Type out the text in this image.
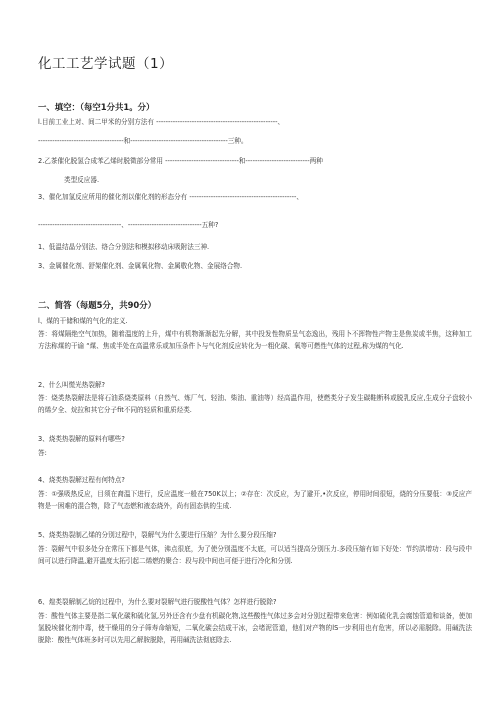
化工工艺学试题（1）
一、填空：（每空1分共1。分）
l.目前工业上对、间二甲米的分别方法有 ---------------------------------------------------、
------------------------------------和-----------------------------------------三种。
2.乙茶催化脱氢合成苯乙烯时脱徵部分常用 -------------------------------和---------------------------两种
类型反应器.
3、催化加氢反应所用的催化剂以催化剂的形态分有 ---------------------------------------------、
-----------------------------------、-------------------------------五种?
1、低温结晶分别法、络合分别法和模拟移动床吸附法三神.
3、金属催化剂、舒架催化剂、金属氧化物、金属敬化物、金展络合物.
二、简答（每题5分，共90分）
l、煤的干储和煤的气化的定义.
答：将煤隔绝空气加热，随着温度的上升，煤中有机物渐渐起先分解，其中投发性物质呈气态逸出，残用卜不挥物性产物主是焦炭或半焦，这种加工方法称煤的干谕 “煤、焦或半处在高温常乐或加压条件卜与气化剂反应转化为一粗化碳、氧等可燃性气体的过程,称为煤的气化.
2、什么叫慌光热裂解?
答：烧类热裂解法是将石油系烧类原料（自然气、炼厂气、轻油、柴油、重油等）经高温作用，使燃类分子发生碳鞋断科或脱乳反应,生成分子盘较小的烯夕全、烷拉和其它分子fit不同的轻质和重质烃类.
3、烧类热裂解的原料有哪些?
答:
4、烧类热裂解过程有何特点?
答：①强吸热反应，目须在裔温下进行，反应温度一般在750K以上；②存在：次反应，为了避开,•次反应，停用时间很短，烧的分压要低：③反应产物是一困难的混合物，除了气态燃和液态烧外，尚有固态供的生成.
5、烧类热裂制乙烯的分别过程中，裂解气为什么要进行压缩？为什么要分段压缩?
答：裂解气中很多处分在常压下都是气体，沸点很底，为了使分別温度不太底，可以适当提高分别压力.多段压缩有如下好处：节约洪增功：段与段中间可以进行降温,避开温度太拓引起二烯燃的聚合：段与段中间也可便于进行冷化和分别.
6、煌类裂解制乙烷的过程中，为什么要对裂解气进行脱酸性气体？怎样进行脱除?
答：酸性气体主要是指二氧化碳和硫化氢,另外还含有少盘有机碳化物,这些酸性气体过多会对分别过程带来危害：例如硫化乳会腐蚀管道和谈备，使加氢脱埃催化剂中毒，使干燥用的分子筛寿命缩短，二氧化碳会结成干冰，会堵泥管道，他们对产物的lS一步利用也有危害，所以必需脱除。用碱洗法脱除：酸性气体班多时可以先用乙解胺脱除，再用碱洗法彻底除去.
